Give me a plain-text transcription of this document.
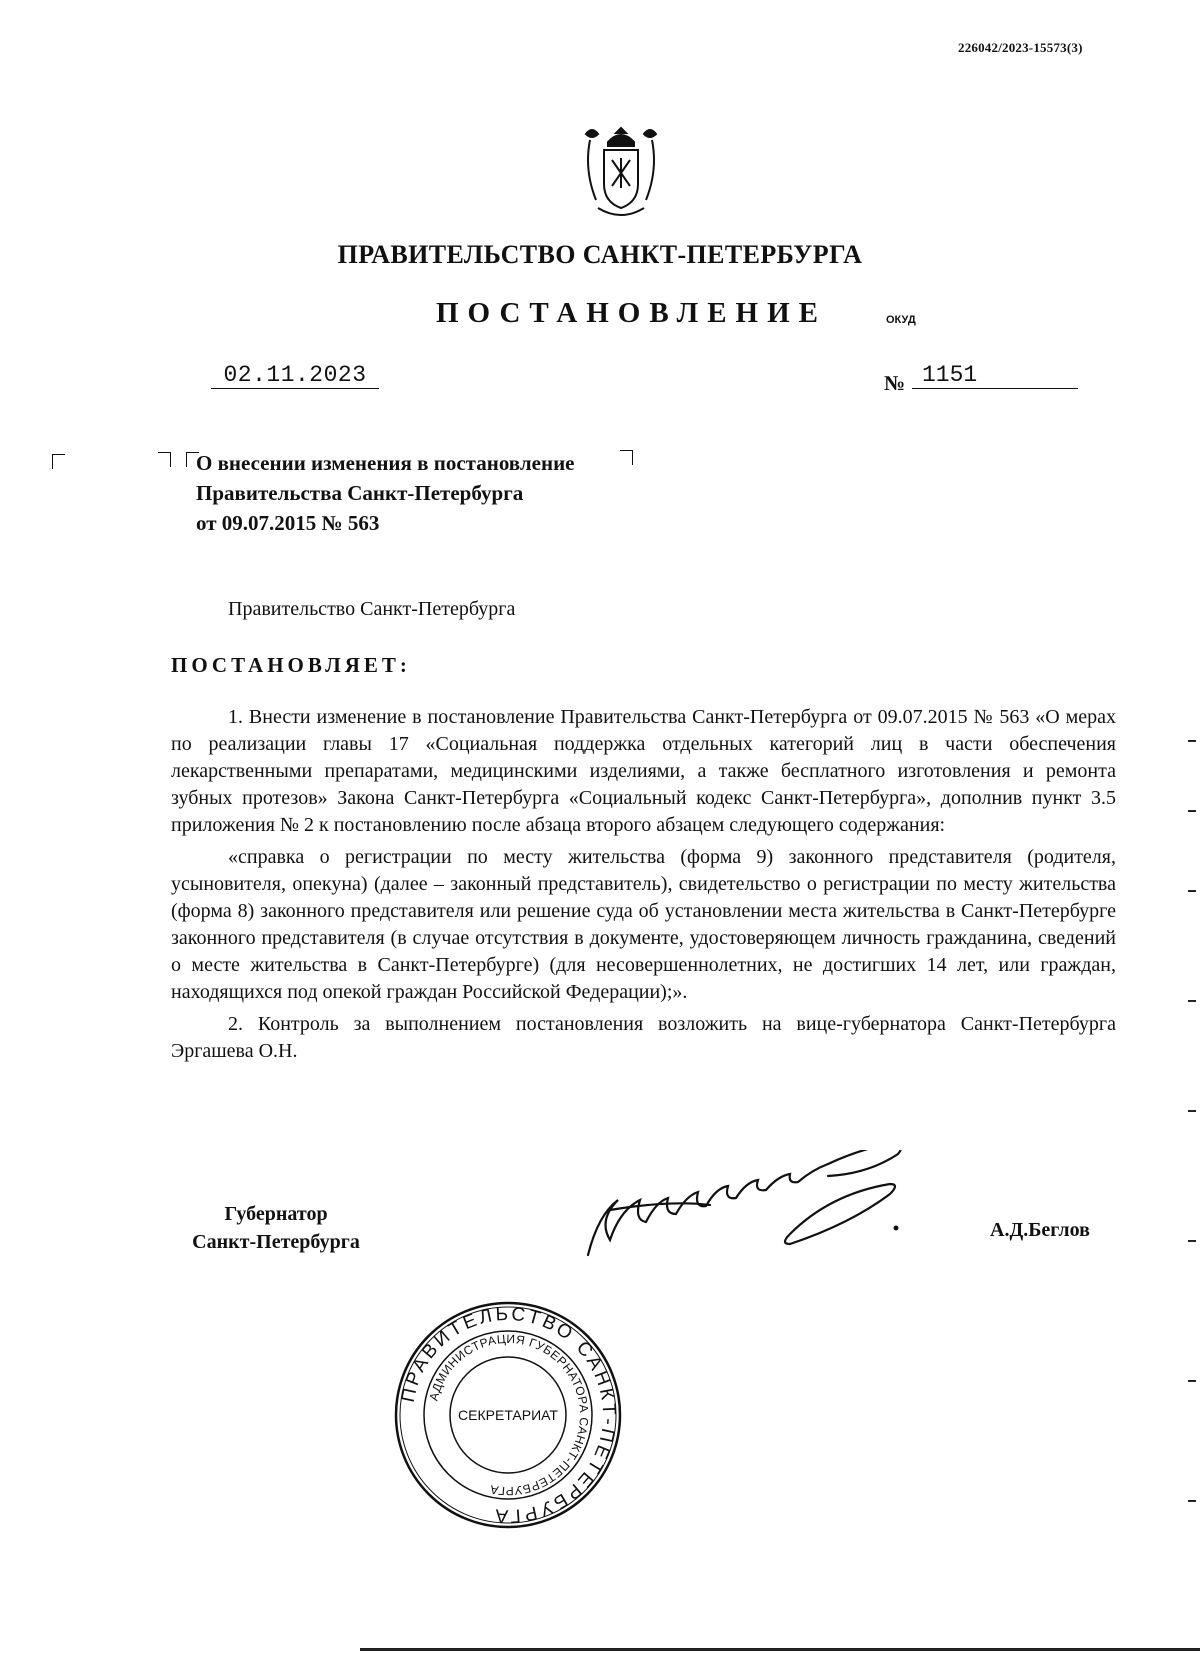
226042/2023-15573(3)
ПРАВИТЕЛЬСТВО САНКТ-ПЕТЕРБУРГА
ПОСТАНОВЛЕНИЕ	ОКУД
02.11.2023	№ 1151
О внесении изменения в постановление
Правительства Санкт-Петербурга
от 09.07.2015 № 563
Правительство Санкт-Петербурга
ПОСТАНОВЛЯЕТ:

1. Внести изменение в постановление Правительства Санкт-Петербурга от 09.07.2015 № 563 «О мерах по реализации главы 17 «Социальная поддержка отдельных категорий лиц в части обеспечения лекарственными препаратами, медицинскими изделиями, а также бесплатного изготовления и ремонта зубных протезов» Закона Санкт-Петербурга «Социальный кодекс Санкт-Петербурга», дополнив пункт 3.5 приложения № 2 к постановлению после абзаца второго абзацем следующего содержания:

«справка о регистрации по месту жительства (форма 9) законного представителя (родителя, усыновителя, опекуна) (далее – законный представитель), свидетельство о регистрации по месту жительства (форма 8) законного представителя или решение суда об установлении места жительства в Санкт-Петербурге законного представителя (в случае отсутствия в документе, удостоверяющем личность гражданина, сведений о месте жительства в Санкт-Петербурге) (для несовершеннолетних, не достигших 14 лет, или граждан, находящихся под опекой граждан Российской Федерации);».

2. Контроль за выполнением постановления возложить на вице-губернатора Санкт-Петербурга Эргашева О.Н.

Губернатор
Санкт-Петербурга
А.Д.Беглов
ПРАВИТЕЛЬСТВО САНКТ-ПЕТЕРБУРГА
АДМИНИСТРАЦИЯ ГУБЕРНАТОРА САНКТ-ПЕТЕРБУРГА
СЕКРЕТАРИАТ
